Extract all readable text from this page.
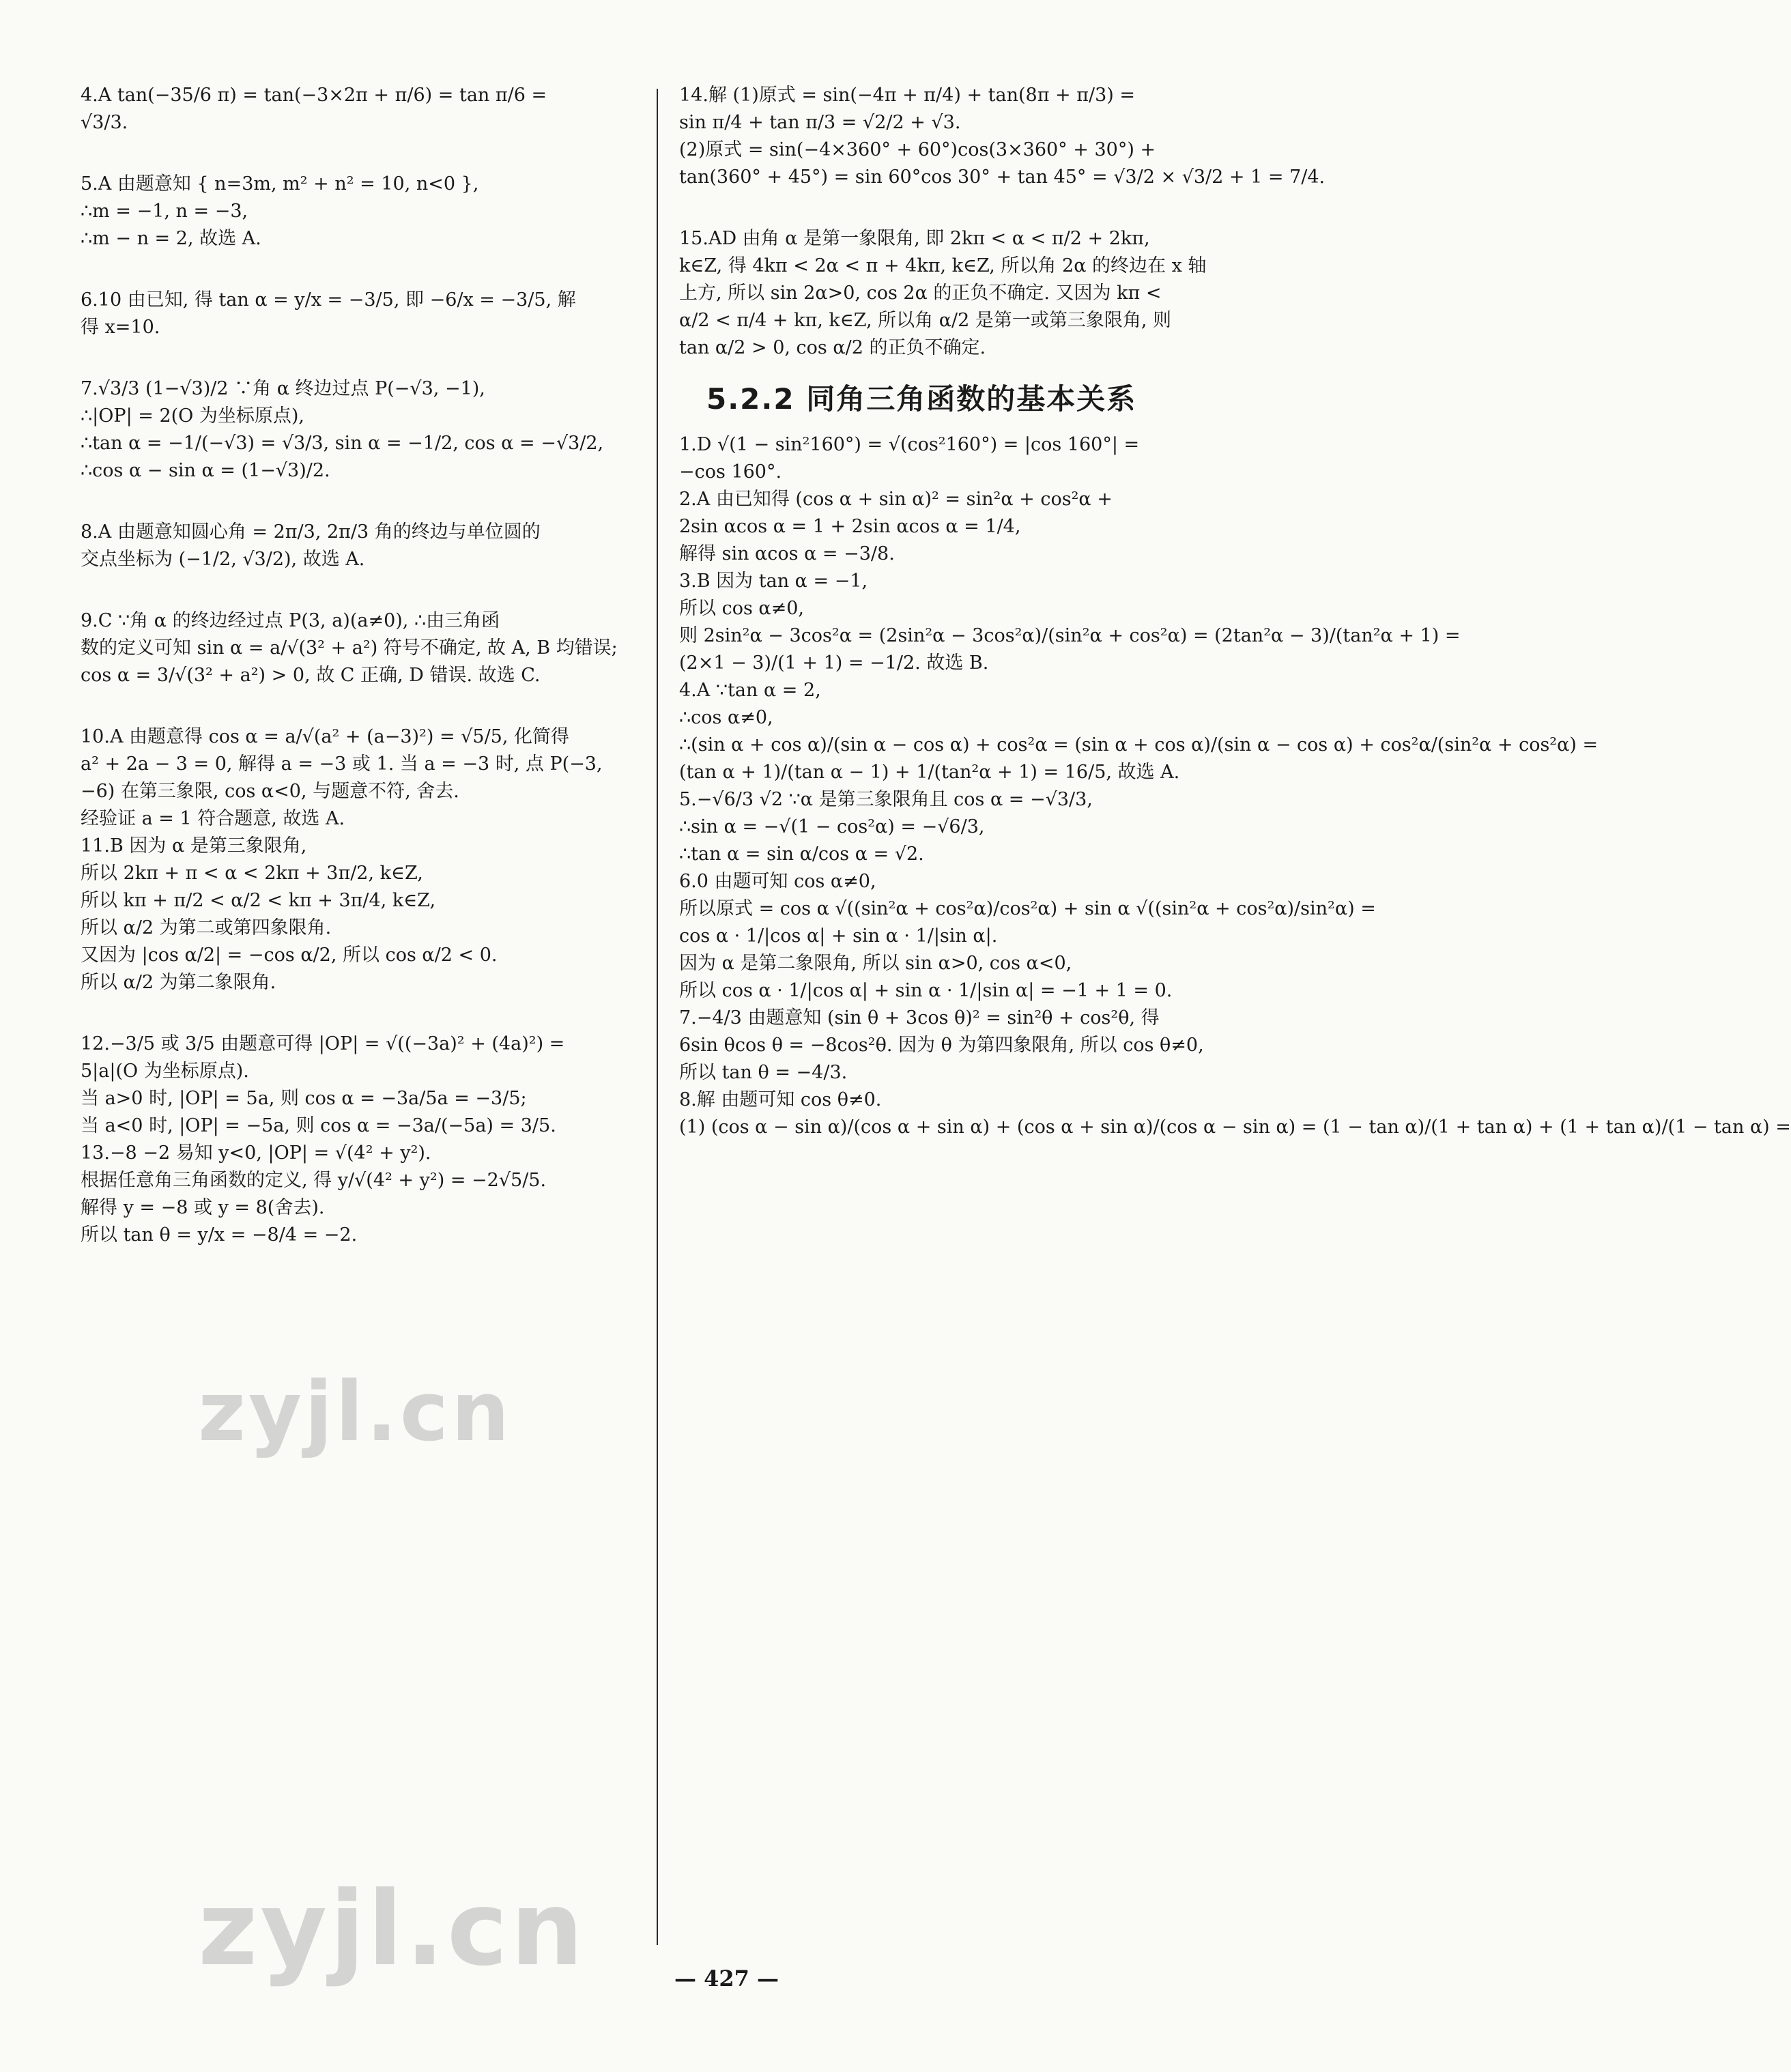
4.A tan(−35/6 π) = tan(−3×2π + π/6) = tan π/6 =

√3/3.

5.A 由题意知 { n=3m, m² + n² = 10, n<0 },

∴m = −1, n = −3,

∴m − n = 2, 故选 A.

6.10 由已知, 得 tan α = y/x = −3/5, 即 −6/x = −3/5, 解

得 x=10.

7.√3/3 (1−√3)/2 ∵角 α 终边过点 P(−√3, −1),

∴|OP| = 2(O 为坐标原点),

∴tan α = −1/(−√3) = √3/3, sin α = −1/2, cos α = −√3/2,

∴cos α − sin α = (1−√3)/2.

8.A 由题意知圆心角 = 2π/3, 2π/3 角的终边与单位圆的

交点坐标为 (−1/2, √3/2), 故选 A.

9.C ∵角 α 的终边经过点 P(3, a)(a≠0), ∴由三角函

数的定义可知 sin α = a/√(3² + a²) 符号不确定, 故 A, B 均错误;

cos α = 3/√(3² + a²) > 0, 故 C 正确, D 错误. 故选 C.

10.A 由题意得 cos α = a/√(a² + (a−3)²) = √5/5, 化简得

a² + 2a − 3 = 0, 解得 a = −3 或 1. 当 a = −3 时, 点 P(−3,

−6) 在第三象限, cos α<0, 与题意不符, 舍去.

经验证 a = 1 符合题意, 故选 A.

11.B 因为 α 是第三象限角,

所以 2kπ + π < α < 2kπ + 3π/2, k∈Z,

所以 kπ + π/2 < α/2 < kπ + 3π/4, k∈Z,

所以 α/2 为第二或第四象限角.

又因为 |cos α/2| = −cos α/2, 所以 cos α/2 < 0.

所以 α/2 为第二象限角.

12.−3/5 或 3/5 由题意可得 |OP| = √((−3a)² + (4a)²) =

5|a|(O 为坐标原点).

当 a>0 时, |OP| = 5a, 则 cos α = −3a/5a = −3/5;

当 a<0 时, |OP| = −5a, 则 cos α = −3a/(−5a) = 3/5.

13.−8 −2 易知 y<0, |OP| = √(4² + y²).

根据任意角三角函数的定义, 得 y/√(4² + y²) = −2√5/5.

解得 y = −8 或 y = 8(舍去).

所以 tan θ = y/x = −8/4 = −2.

14.解 (1)原式 = sin(−4π + π/4) + tan(8π + π/3) =

sin π/4 + tan π/3 = √2/2 + √3.

(2)原式 = sin(−4×360° + 60°)cos(3×360° + 30°) +

tan(360° + 45°) = sin 60°cos 30° + tan 45° = √3/2 × √3/2 + 1 = 7/4.

15.AD 由角 α 是第一象限角, 即 2kπ < α < π/2 + 2kπ,

k∈Z, 得 4kπ < 2α < π + 4kπ, k∈Z, 所以角 2α 的终边在 x 轴

上方, 所以 sin 2α>0, cos 2α 的正负不确定. 又因为 kπ <

α/2 < π/4 + kπ, k∈Z, 所以角 α/2 是第一或第三象限角, 则

tan α/2 > 0, cos α/2 的正负不确定.

5.2.2 同角三角函数的基本关系

1.D √(1 − sin²160°) = √(cos²160°) = |cos 160°| =

−cos 160°.

2.A 由已知得 (cos α + sin α)² = sin²α + cos²α +

2sin αcos α = 1 + 2sin αcos α = 1/4,

解得 sin αcos α = −3/8.

3.B 因为 tan α = −1,

所以 cos α≠0,

则 2sin²α − 3cos²α = (2sin²α − 3cos²α)/(sin²α + cos²α) = (2tan²α − 3)/(tan²α + 1) =

(2×1 − 3)/(1 + 1) = −1/2. 故选 B.

4.A ∵tan α = 2,

∴cos α≠0,

∴(sin α + cos α)/(sin α − cos α) + cos²α = (sin α + cos α)/(sin α − cos α) + cos²α/(sin²α + cos²α) =

(tan α + 1)/(tan α − 1) + 1/(tan²α + 1) = 16/5, 故选 A.

5.−√6/3 √2 ∵α 是第三象限角且 cos α = −√3/3,

∴sin α = −√(1 − cos²α) = −√6/3,

∴tan α = sin α/cos α = √2.

6.0 由题可知 cos α≠0,

所以原式 = cos α √((sin²α + cos²α)/cos²α) + sin α √((sin²α + cos²α)/sin²α) =

cos α · 1/|cos α| + sin α · 1/|sin α|.

因为 α 是第二象限角, 所以 sin α>0, cos α<0,

所以 cos α · 1/|cos α| + sin α · 1/|sin α| = −1 + 1 = 0.

7.−4/3 由题意知 (sin θ + 3cos θ)² = sin²θ + cos²θ, 得

6sin θcos θ = −8cos²θ. 因为 θ 为第四象限角, 所以 cos θ≠0,

所以 tan θ = −4/3.

8.解 由题可知 cos θ≠0.

(1) (cos α − sin α)/(cos α + sin α) + (cos α + sin α)/(cos α − sin α) = (1 − tan α)/(1 + tan α) + (1 + tan α)/(1 − tan α) =

zyjl.cn
zyjl.cn	— 427 —
